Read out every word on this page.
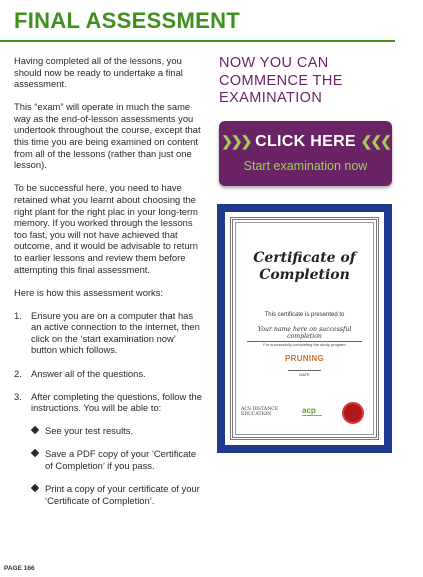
FINAL ASSESSMENT

Having completed all of the lessons, you should now be ready to undertake a final assessment.

This “exam” will operate in much the same way as the end-of-lesson assessments you undertook throughout the course, except that this time you are being examined on content from all of the lessons (rather than just one lesson).

To be successful here, you need to have retained what you learnt about choosing the right plant for the right plac in your long-term memory. If you worked through the lessons too fast, you will not have achieved that outcome, and it would be advisable to return to earlier lessons and review them before attempting this final assessment.

Here is how this assessment works:

1. Ensure you are on a computer that has an active connection to the internet, then click on the ‘start examination now’ button which follows.
2. Answer all of the questions.
3. After completing the questions, follow the instructions. You will be able to:
See your test results.
Save a PDF copy of your ‘Certificate of Completion’ if you pass.
Print a copy of your certificate of your ‘Certificate of Completion’.
PAGE 166
NOW YOU CAN COMMENCE THE EXAMINATION
❯❯❯ CLICK HERE ❮❮❮
Start examination now
Certificate of
Completion
This certificate is presented to
Your name here on successful completion
For successfully completing the study program
PRUNING
DATE
ACS DISTANCE
EDUCATION	acp
